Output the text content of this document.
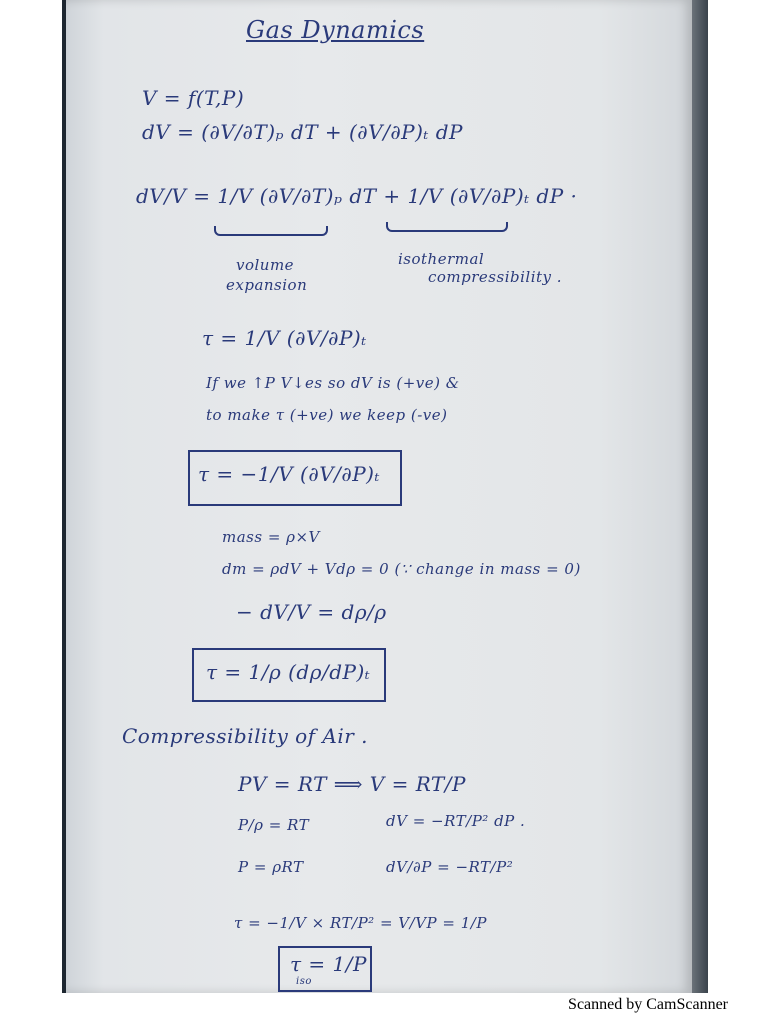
Gas Dynamics
V = f(T,P)
dV = (∂V/∂T)ₚ dT + (∂V/∂P)ₜ dP
dV/V = 1/V (∂V/∂T)ₚ dT + 1/V (∂V/∂P)ₜ dP ·
volume
expansion
isothermal
compressibility .
τ = 1/V (∂V/∂P)ₜ
If we ↑P V↓es so dV is (+ve) &
to make τ (+ve) we keep (-ve)
τ = −1/V (∂V/∂P)ₜ
mass = ρ×V
dm = ρdV + Vdρ = 0 (∵ change in mass = 0)
− dV/V = dρ/ρ
τ = 1/ρ (dρ/dP)ₜ
Compressibility of Air .
PV = RT ⟹ V = RT/P
P/ρ = RT	dV = −RT/P² dP .
P = ρRT	dV/∂P = −RT/P²
τ = −1/V × RT/P² = V/VP = 1/P
τ = 1/P
iso
Scanned by CamScanner
